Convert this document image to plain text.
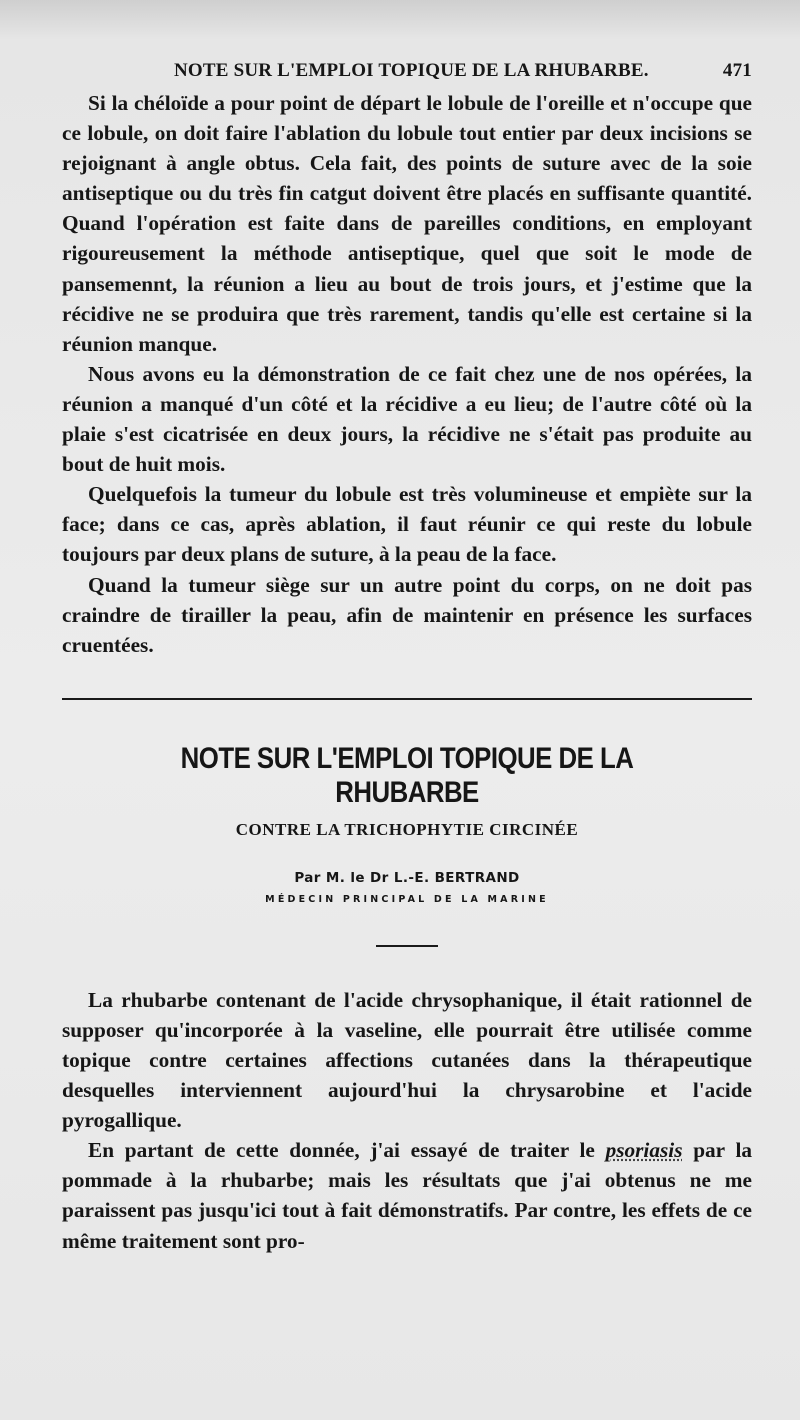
NOTE SUR L'EMPLOI TOPIQUE DE LA RHUBARBE.	471

Si la chéloïde a pour point de départ le lobule de l'oreille et n'occupe que ce lobule, on doit faire l'ablation du lobule tout entier par deux incisions se rejoignant à angle obtus. Cela fait, des points de suture avec de la soie antiseptique ou du très fin catgut doivent être placés en suffisante quantité. Quand l'opération est faite dans de pareilles conditions, en employant rigoureusement la méthode antiseptique, quel que soit le mode de pansemennt, la réunion a lieu au bout de trois jours, et j'estime que la récidive ne se produira que très rarement, tandis qu'elle est certaine si la réunion manque.

Nous avons eu la démonstration de ce fait chez une de nos opérées, la réunion a manqué d'un côté et la récidive a eu lieu; de l'autre côté où la plaie s'est cicatrisée en deux jours, la récidive ne s'était pas produite au bout de huit mois.

Quelquefois la tumeur du lobule est très volumineuse et empiète sur la face; dans ce cas, après ablation, il faut réunir ce qui reste du lobule toujours par deux plans de suture, à la peau de la face.

Quand la tumeur siège sur un autre point du corps, on ne doit pas craindre de tirailler la peau, afin de maintenir en présence les surfaces cruentées.

NOTE SUR L'EMPLOI TOPIQUE DE LA RHUBARBE
CONTRE LA TRICHOPHYTIE CIRCINÉE
Par M. le Dr L.-E. BERTRAND
MÉDECIN PRINCIPAL DE LA MARINE

La rhubarbe contenant de l'acide chrysophanique, il était rationnel de supposer qu'incorporée à la vaseline, elle pourrait être utilisée comme topique contre certaines affections cutanées dans la thérapeutique desquelles interviennent aujourd'hui la chrysarobine et l'acide pyrogallique.

En partant de cette donnée, j'ai essayé de traiter le psoriasis par la pommade à la rhubarbe; mais les résultats que j'ai obtenus ne me paraissent pas jusqu'ici tout à fait démonstratifs. Par contre, les effets de ce même traitement sont pro-
